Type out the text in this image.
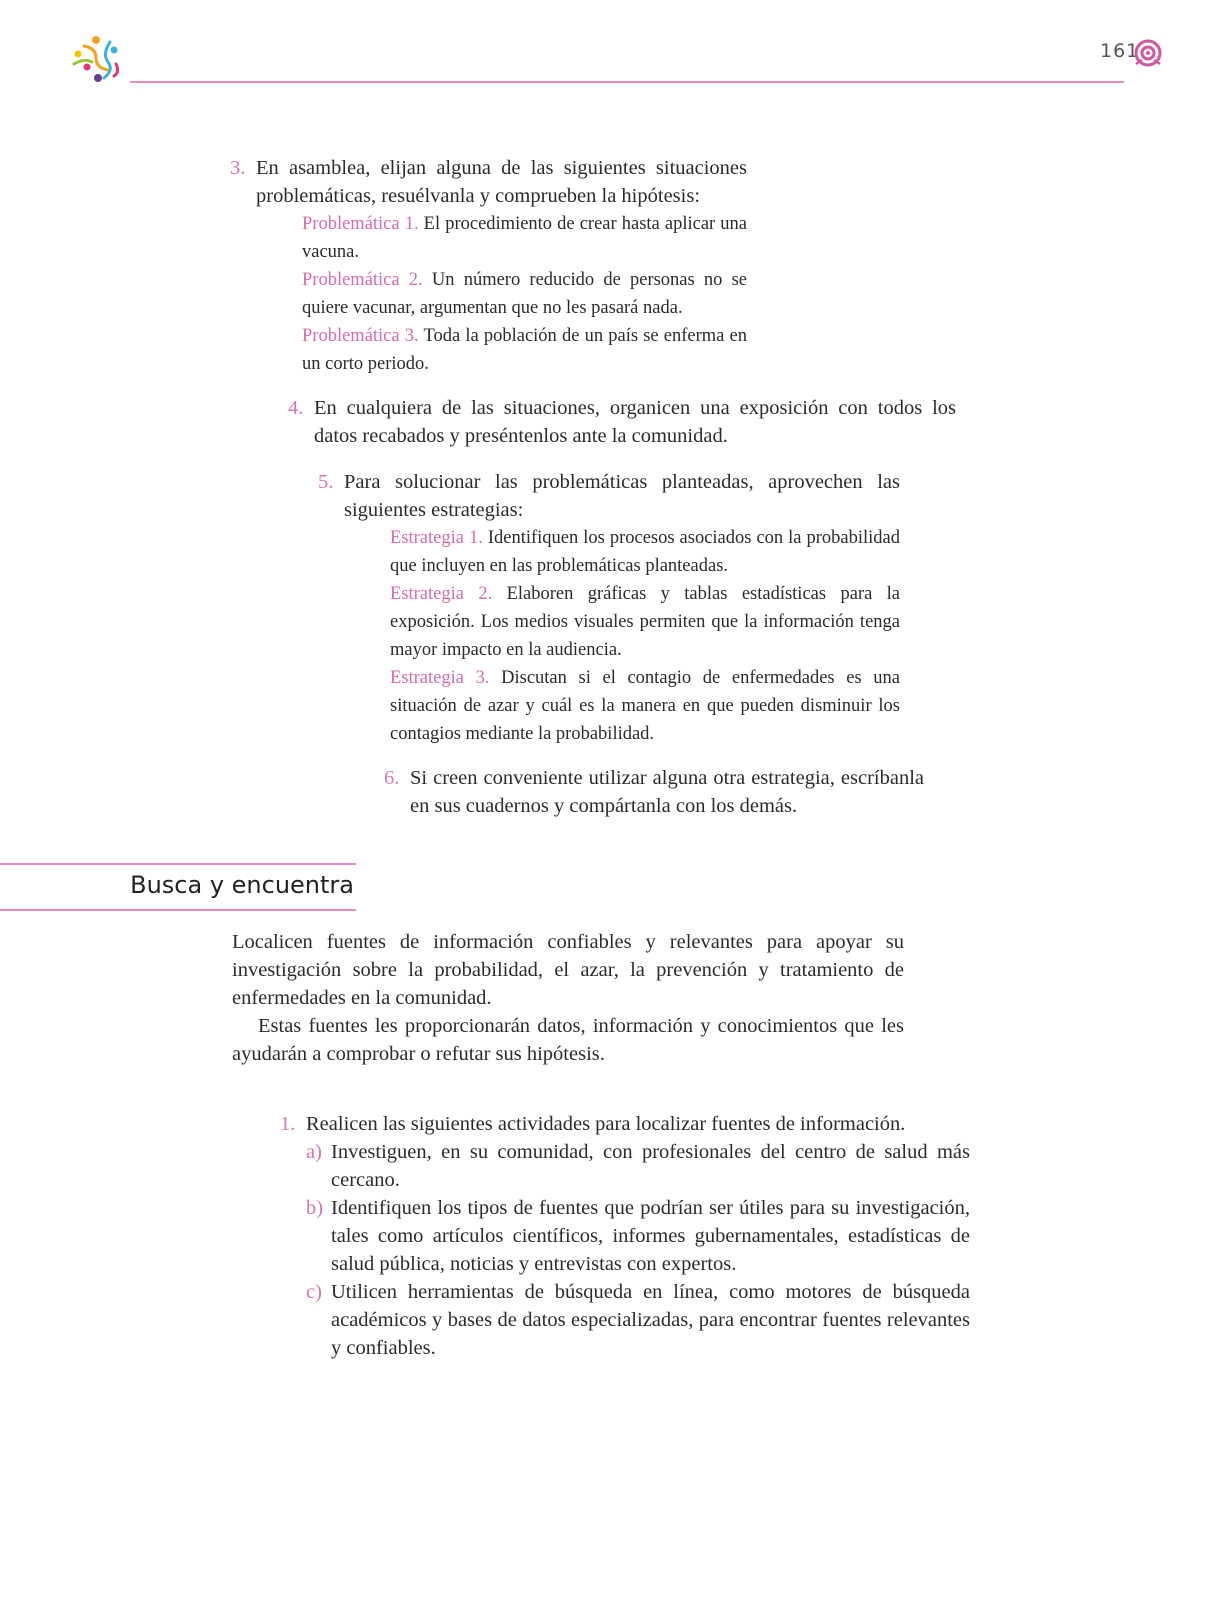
161
3. En asamblea, elijan alguna de las siguientes situaciones problemáticas, resuélvanla y comprueben la hipótesis:
Problemática 1. El procedimiento de crear hasta aplicar una vacuna.
Problemática 2. Un número reducido de personas no se quiere vacunar, argumentan que no les pasará nada.
Problemática 3. Toda la población de un país se enferma en un corto periodo.
4. En cualquiera de las situaciones, organicen una exposición con todos los datos recabados y preséntenlos ante la comunidad.
5. Para solucionar las problemáticas planteadas, aprovechen las siguientes estrategias:
Estrategia 1. Identifiquen los procesos asociados con la probabilidad que incluyen en las problemáticas planteadas.
Estrategia 2. Elaboren gráficas y tablas estadísticas para la exposición. Los medios visuales permiten que la información tenga mayor impacto en la audiencia.
Estrategia 3. Discutan si el contagio de enfermedades es una situación de azar y cuál es la manera en que pueden disminuir los contagios mediante la probabilidad.
6. Si creen conveniente utilizar alguna otra estrategia, escríbanla en sus cuadernos y compártanla con los demás.
Busca y encuentra
Localicen fuentes de información confiables y relevantes para apoyar su investigación sobre la probabilidad, el azar, la prevención y tratamiento de enfermedades en la comunidad.
Estas fuentes les proporcionarán datos, información y conocimientos que les ayudarán a comprobar o refutar sus hipótesis.
1. Realicen las siguientes actividades para localizar fuentes de información.
a) Investiguen, en su comunidad, con profesionales del centro de salud más cercano.
b) Identifiquen los tipos de fuentes que podrían ser útiles para su investigación, tales como artículos científicos, informes gubernamentales, estadísticas de salud pública, noticias y entrevistas con expertos.
c) Utilicen herramientas de búsqueda en línea, como motores de búsqueda académicos y bases de datos especializadas, para encontrar fuentes relevantes y confiables.
